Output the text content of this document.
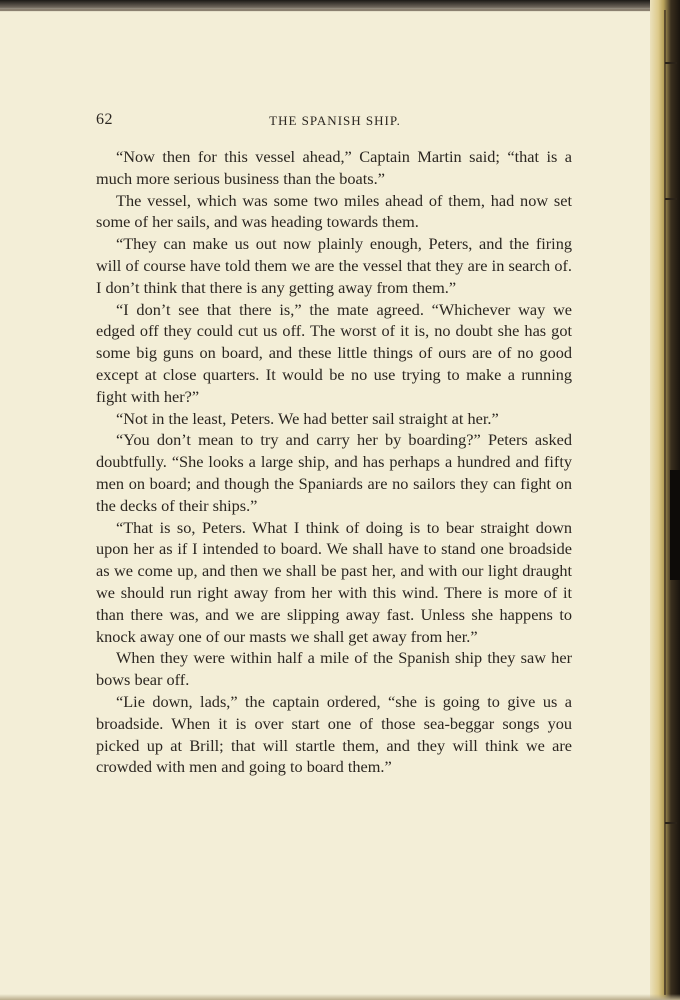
62	THE SPANISH SHIP.

“Now then for this vessel ahead,” Captain Martin said; “that is a much more serious business than the boats.”

The vessel, which was some two miles ahead of them, had now set some of her sails, and was heading towards them.

“They can make us out now plainly enough, Peters, and the firing will of course have told them we are the vessel that they are in search of. I don’t think that there is any getting away from them.”

“I don’t see that there is,” the mate agreed. “Whichever way we edged off they could cut us off. The worst of it is, no doubt she has got some big guns on board, and these little things of ours are of no good except at close quarters. It would be no use trying to make a running fight with her?”

“Not in the least, Peters. We had better sail straight at her.”

“You don’t mean to try and carry her by boarding?” Peters asked doubtfully. “She looks a large ship, and has perhaps a hundred and fifty men on board; and though the Spaniards are no sailors they can fight on the decks of their ships.”

“That is so, Peters. What I think of doing is to bear straight down upon her as if I intended to board. We shall have to stand one broadside as we come up, and then we shall be past her, and with our light draught we should run right away from her with this wind. There is more of it than there was, and we are slipping away fast. Unless she happens to knock away one of our masts we shall get away from her.”

When they were within half a mile of the Spanish ship they saw her bows bear off.

“Lie down, lads,” the captain ordered, “she is going to give us a broadside. When it is over start one of those sea-beggar songs you picked up at Brill; that will startle them, and they will think we are crowded with men and going to board them.”
